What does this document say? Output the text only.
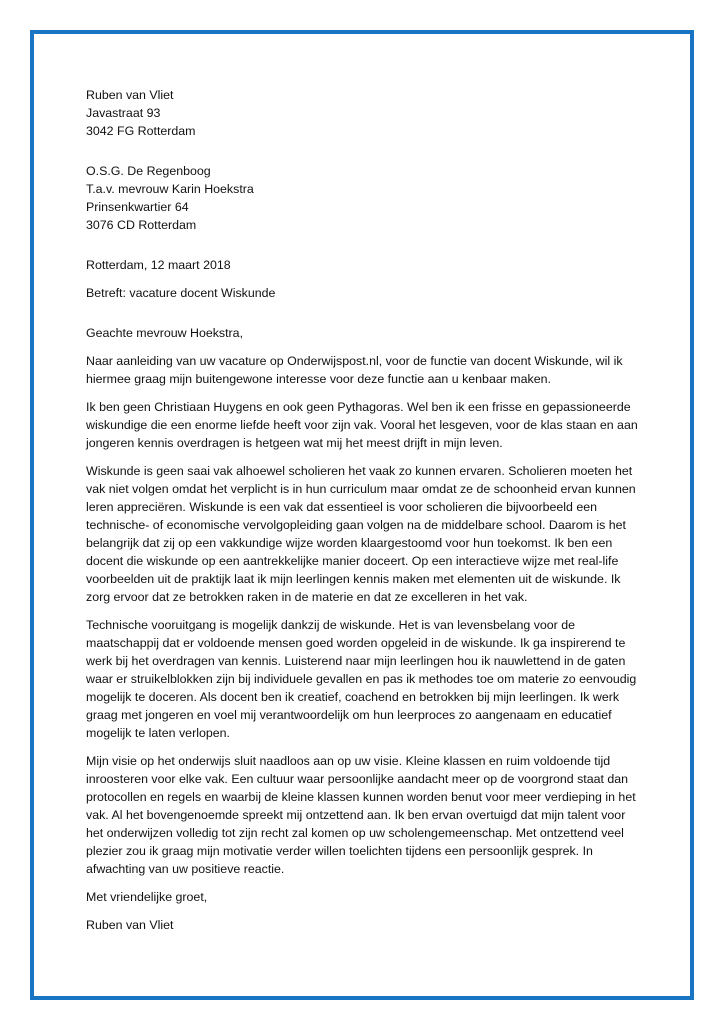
Ruben van Vliet
Javastraat 93
3042 FG Rotterdam
O.S.G. De Regenboog
T.a.v. mevrouw Karin Hoekstra
Prinsenkwartier 64
3076 CD Rotterdam
Rotterdam, 12 maart 2018
Betreft: vacature docent Wiskunde
Geachte mevrouw Hoekstra,
Naar aanleiding van uw vacature op Onderwijspost.nl, voor de functie van docent Wiskunde, wil ik
hiermee graag mijn buitengewone interesse voor deze functie aan u kenbaar maken.
Ik ben geen Christiaan Huygens en ook geen Pythagoras. Wel ben ik een frisse en gepassioneerde
wiskundige die een enorme liefde heeft voor zijn vak. Vooral het lesgeven, voor de klas staan en aan
jongeren kennis overdragen is hetgeen wat mij het meest drijft in mijn leven.
Wiskunde is geen saai vak alhoewel scholieren het vaak zo kunnen ervaren. Scholieren moeten het
vak niet volgen omdat het verplicht is in hun curriculum maar omdat ze de schoonheid ervan kunnen
leren appreciëren. Wiskunde is een vak dat essentieel is voor scholieren die bijvoorbeeld een
technische- of economische vervolgopleiding gaan volgen na de middelbare school. Daarom is het
belangrijk dat zij op een vakkundige wijze worden klaargestoomd voor hun toekomst. Ik ben een
docent die wiskunde op een aantrekkelijke manier doceert. Op een interactieve wijze met real-life
voorbeelden uit de praktijk laat ik mijn leerlingen kennis maken met elementen uit de wiskunde. Ik
zorg ervoor dat ze betrokken raken in de materie en dat ze excelleren in het vak.
Technische vooruitgang is mogelijk dankzij de wiskunde. Het is van levensbelang voor de
maatschappij dat er voldoende mensen goed worden opgeleid in de wiskunde. Ik ga inspirerend te
werk bij het overdragen van kennis. Luisterend naar mijn leerlingen hou ik nauwlettend in de gaten
waar er struikelblokken zijn bij individuele gevallen en pas ik methodes toe om materie zo eenvoudig
mogelijk te doceren. Als docent ben ik creatief, coachend en betrokken bij mijn leerlingen. Ik werk
graag met jongeren en voel mij verantwoordelijk om hun leerproces zo aangenaam en educatief
mogelijk te laten verlopen.
Mijn visie op het onderwijs sluit naadloos aan op uw visie. Kleine klassen en ruim voldoende tijd
inroosteren voor elke vak. Een cultuur waar persoonlijke aandacht meer op de voorgrond staat dan
protocollen en regels en waarbij de kleine klassen kunnen worden benut voor meer verdieping in het
vak. Al het bovengenoemde spreekt mij ontzettend aan. Ik ben ervan overtuigd dat mijn talent voor
het onderwijzen volledig tot zijn recht zal komen op uw scholengemeenschap. Met ontzettend veel
plezier zou ik graag mijn motivatie verder willen toelichten tijdens een persoonlijk gesprek. In
afwachting van uw positieve reactie.
Met vriendelijke groet,
Ruben van Vliet
